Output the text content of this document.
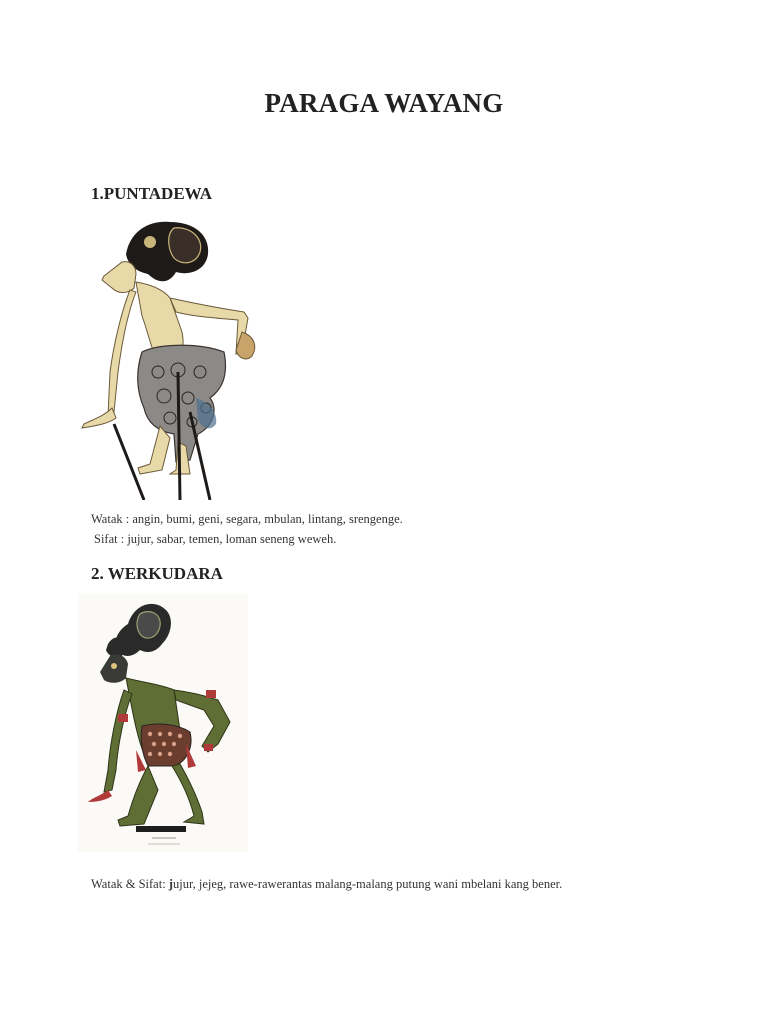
PARAGA WAYANG
1.PUNTADEWA

Watak : angin, bumi, geni, segara, mbulan, lintang, srengenge.

Sifat : jujur, sabar, temen, loman seneng weweh.

2. WERKUDARA

Watak & Sifat: jujur, jejeg, rawe-rawerantas malang-malang putung wani mbelani kang bener.
